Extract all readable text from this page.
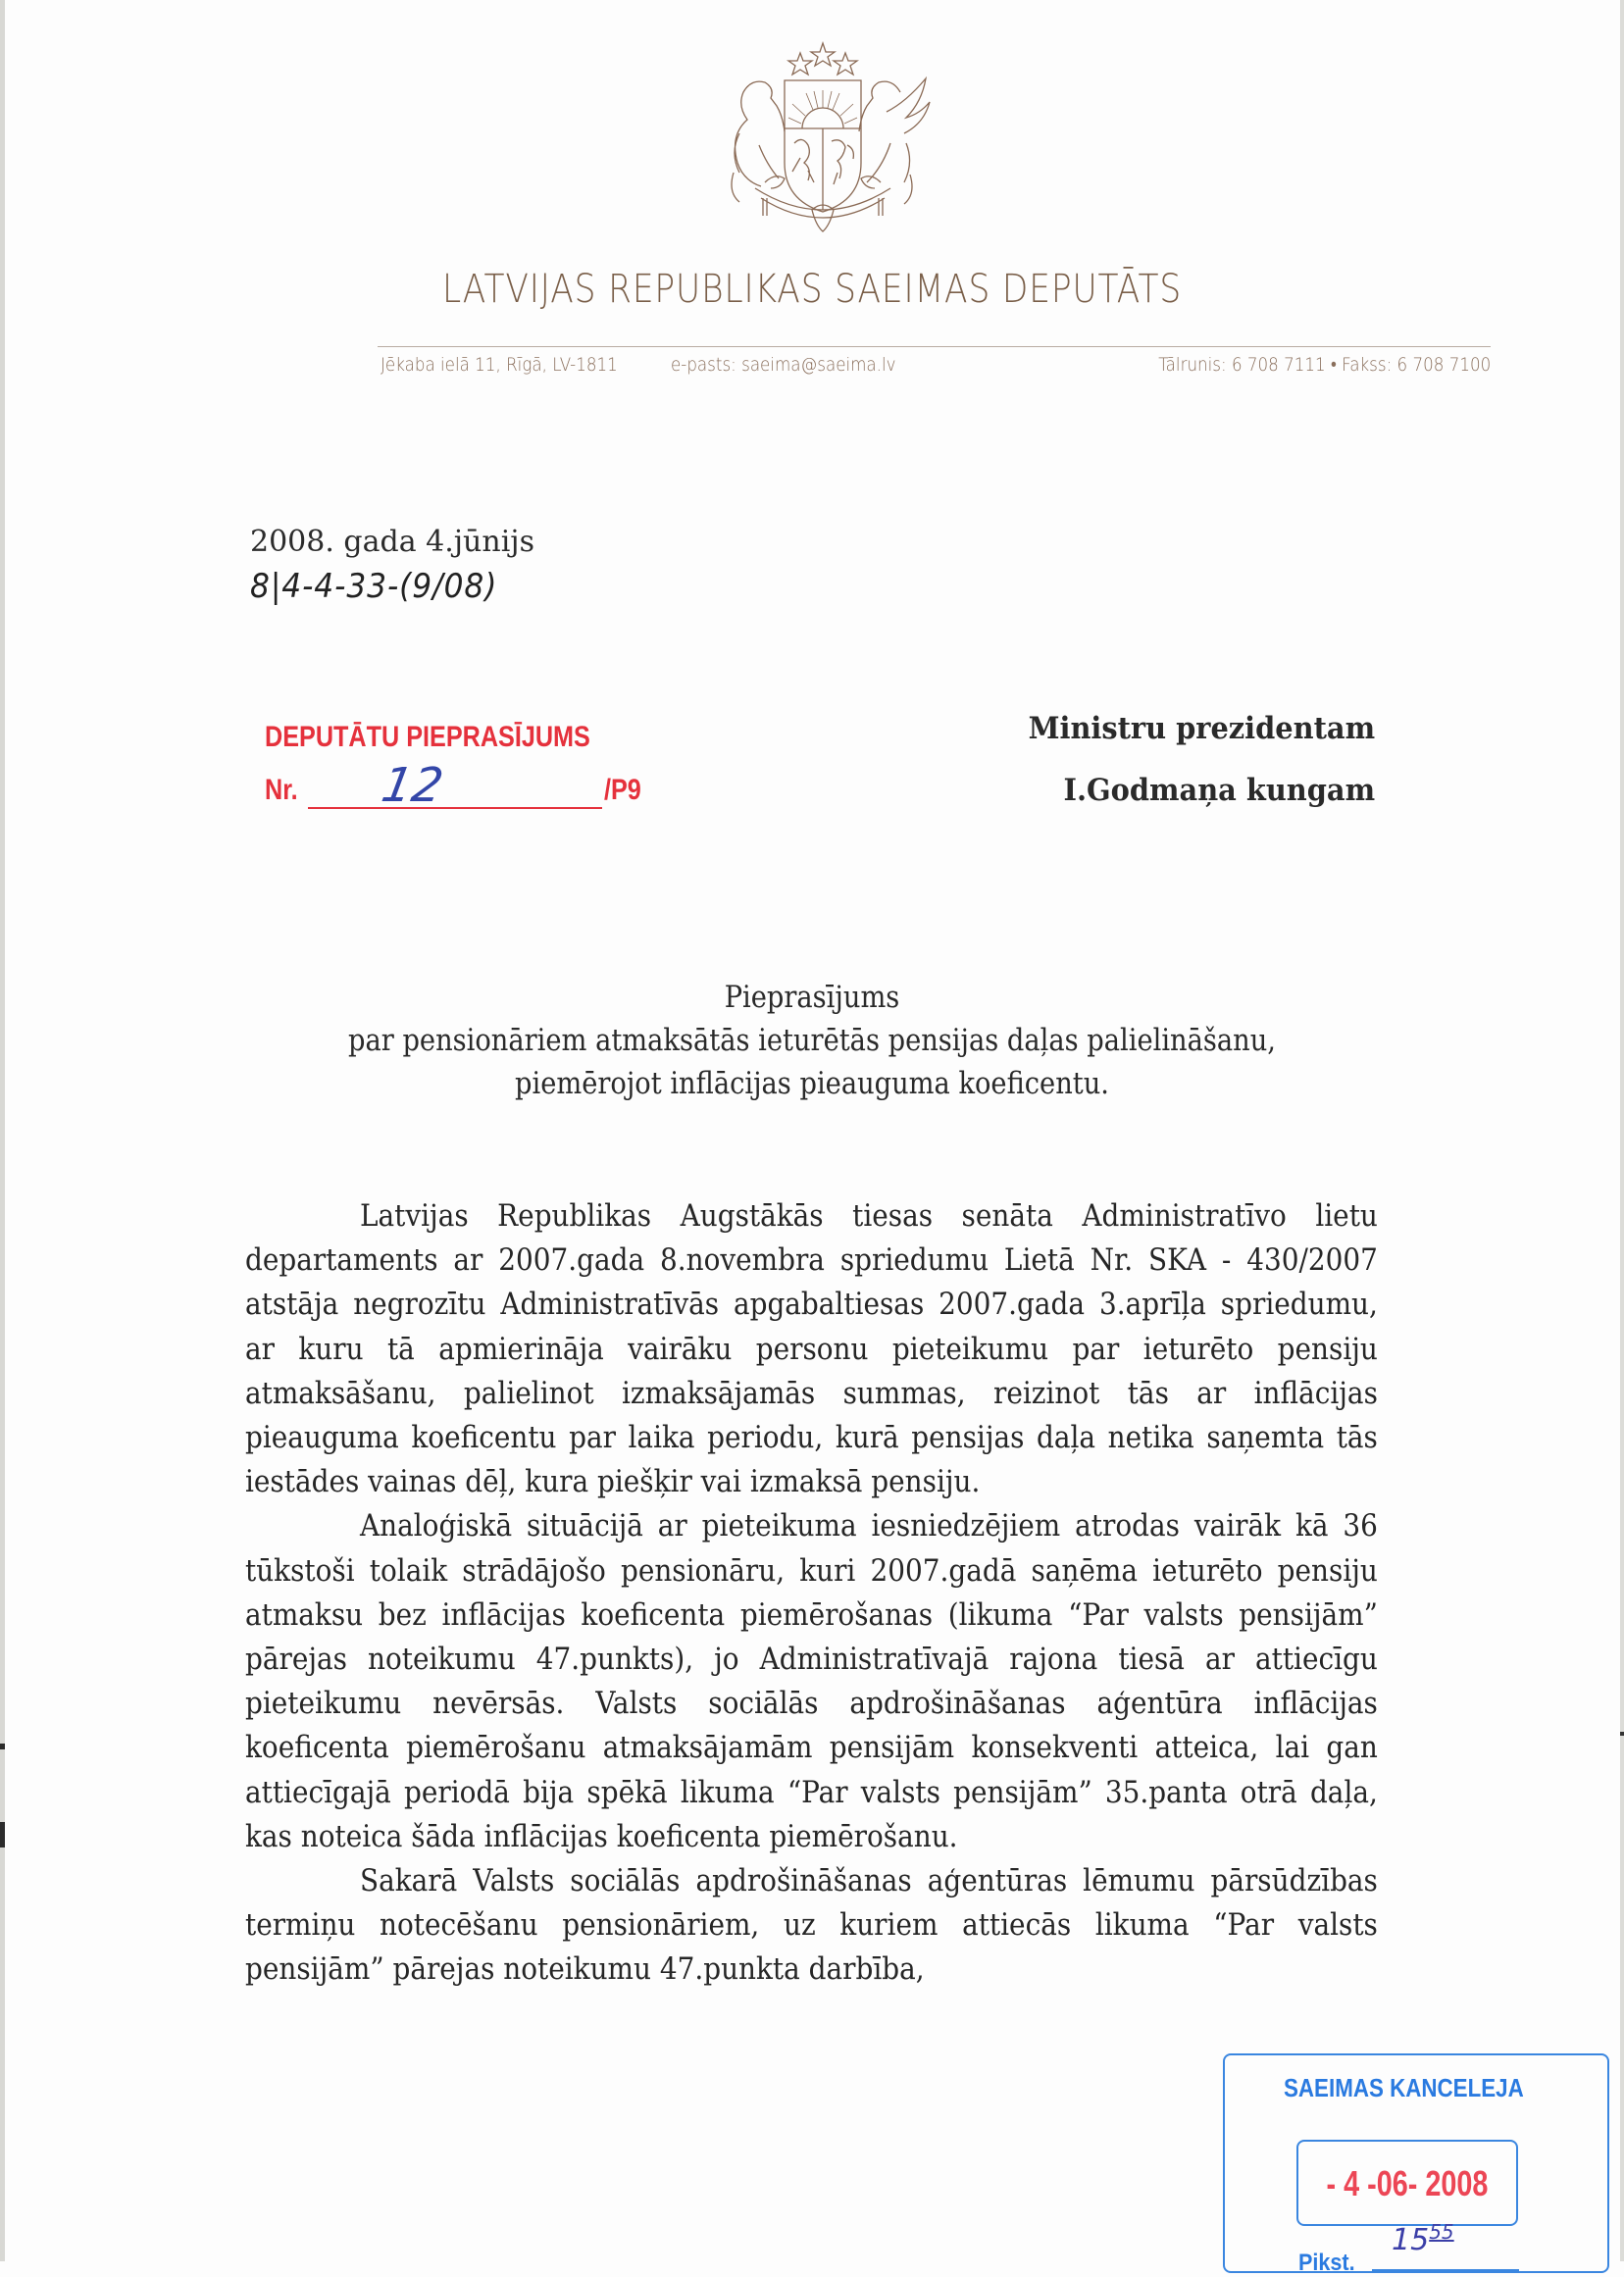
LATVIJAS REPUBLIKAS SAEIMAS DEPUTĀTS
Jēkaba ielā 11, Rīgā, LV-1811	e-pasts: saeima@saeima.lv	Tālrunis: 6 708 7111 • Fakss: 6 708 7100
2008. gada 4.jūnijs
8|4-4-33-(9/08)
DEPUTĀTU PIEPRASĪJUMS
Nr. 12	/P9
Ministru prezidentam
I.Godmaņa kungam
Pieprasījums
par pensionāriem atmaksātās ieturētās pensijas daļas palielināšanu,
piemērojot inflācijas pieauguma koeficentu.

Latvijas Republikas Augstākās tiesas senāta Administratīvo lietu departaments ar 2007.gada 8.novembra spriedumu Lietā Nr. SKA - 430/2007 atstāja negrozītu Administratīvās apgabaltiesas 2007.gada 3.aprīļa spriedumu, ar kuru tā apmierināja vairāku personu pieteikumu par ieturēto pensiju atmaksāšanu, palielinot izmaksājamās summas, reizinot tās ar inflācijas pieauguma koeficentu par laika periodu, kurā pensijas daļa netika saņemta tās iestādes vainas dēļ, kura piešķir vai izmaksā pensiju.

Analoģiskā situācijā ar pieteikuma iesniedzējiem atrodas vairāk kā 36 tūkstoši tolaik strādājošo pensionāru, kuri 2007.gadā saņēma ieturēto pensiju atmaksu bez inflācijas koeficenta piemērošanas (likuma “Par valsts pensijām” pārejas noteikumu 47.punkts), jo Administratīvajā rajona tiesā ar attiecīgu pieteikumu nevērsās. Valsts sociālās apdrošināšanas aģentūra inflācijas koeficenta piemērošanu atmaksājamām pensijām konsekventi atteica, lai gan attiecīgajā periodā bija spēkā likuma “Par valsts pensijām” 35.panta otrā daļa, kas noteica šāda inflācijas koeficenta piemērošanu.

Sakarā Valsts sociālās apdrošināšanas aģentūras lēmumu pārsūdzības termiņu notecēšanu pensionāriem, uz kuriem attiecās likuma “Par valsts pensijām” pārejas noteikumu 47.punkta darbība,

SAEIMAS KANCELEJA
- 4 -06- 2008
Pikst.
$15^{55}$
